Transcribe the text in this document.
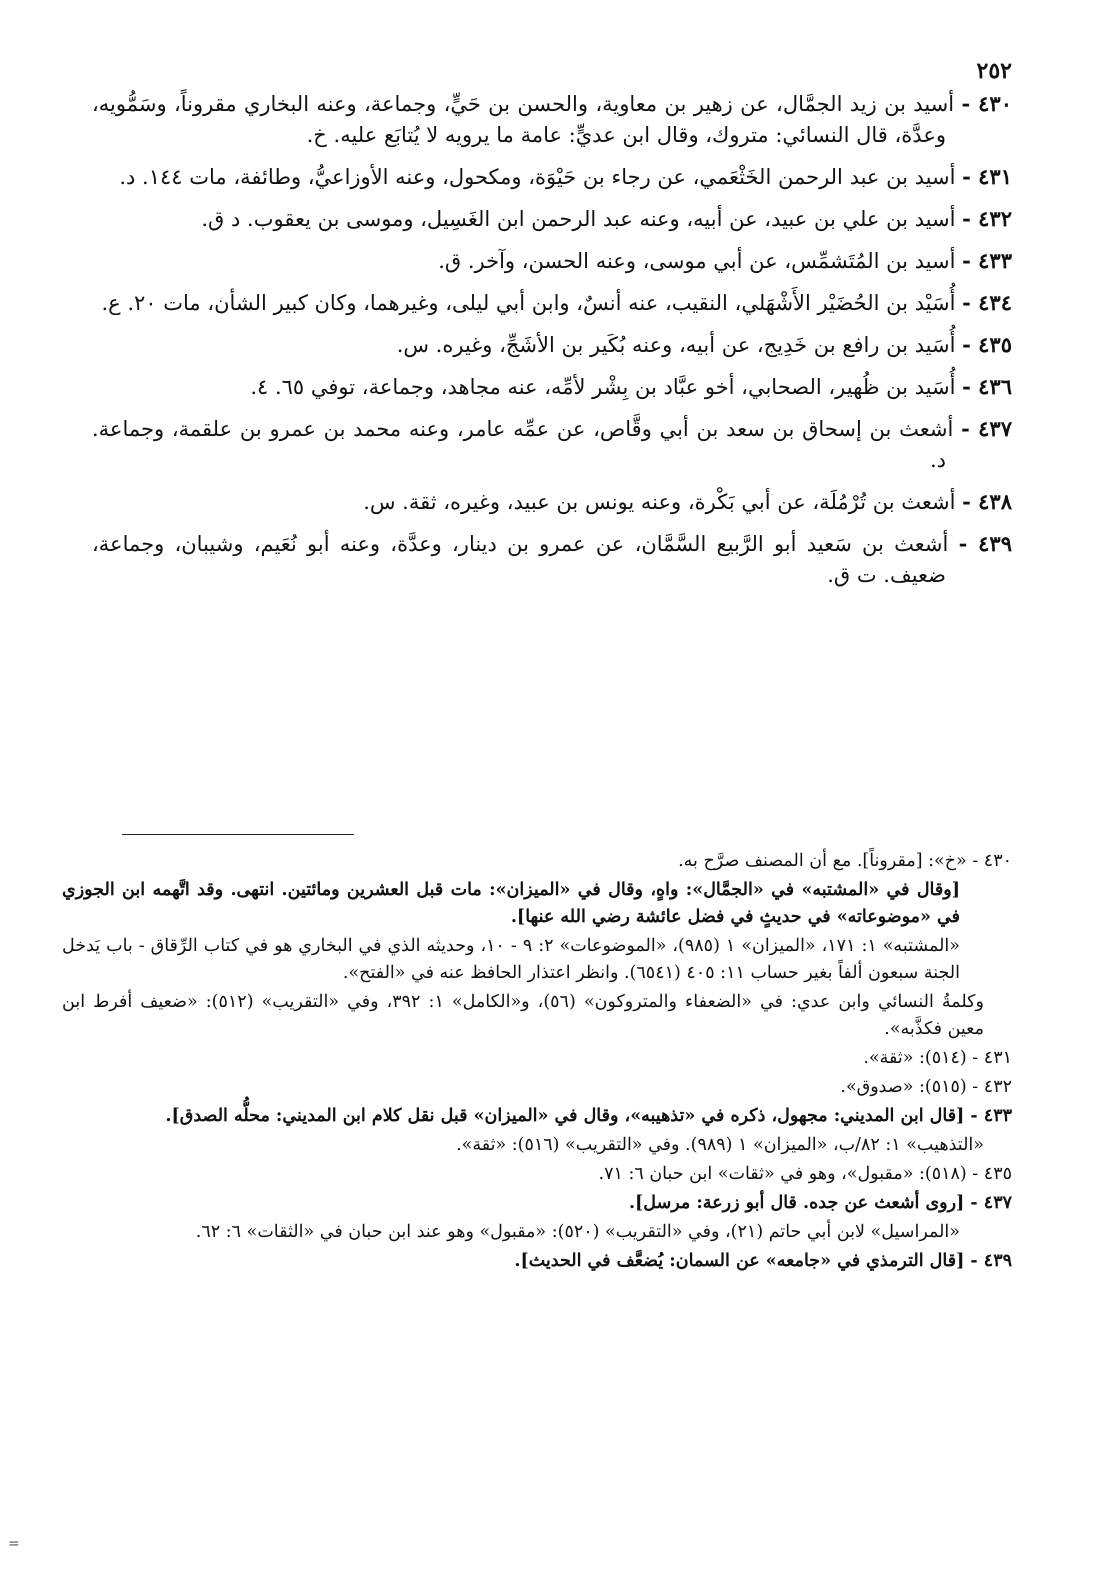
٢٥٢

٤٣٠ - أسيد بن زيد الجمَّال، عن زهير بن معاوية، والحسن بن حَيٍّ، وجماعة، وعنه البخاري مقروناً، وسَمُّويه، وعدَّة، قال النسائي: متروك، وقال ابن عديٍّ: عامة ما يرويه لا يُتابَع عليه. خ.

٤٣١ - أسيد بن عبد الرحمن الخَثْعَمي، عن رجاء بن حَيْوَة، ومكحول، وعنه الأوزاعيُّ، وطائفة، مات ١٤٤. د.

٤٣٢ - أسيد بن علي بن عبيد، عن أبيه، وعنه عبد الرحمن ابن الغَسِيل، وموسى بن يعقوب. د ق.

٤٣٣ - أسيد بن المُتَشمِّس، عن أبي موسى، وعنه الحسن، وآخر. ق.

٤٣٤ - أُسَيْد بن الحُضَيْر الأَشْهَلي، النقيب، عنه أنسٌ، وابن أبي ليلى، وغيرهما، وكان كبير الشأن، مات ٢٠. ع.

٤٣٥ - أُسَيد بن رافع بن خَدِيج، عن أبيه، وعنه بُكَير بن الأشَجِّ، وغيره. س.

٤٣٦ - أُسَيد بن ظُهير، الصحابي، أخو عبَّاد بن بِشْر لأمِّه، عنه مجاهد، وجماعة، توفي ٦٥. ٤.

٤٣٧ - أشعث بن إسحاق بن سعد بن أبي وقَّاص، عن عمِّه عامر، وعنه محمد بن عمرو بن علقمة، وجماعة. د.

٤٣٨ - أشعث بن تُرْمُلَة، عن أبي بَكْرة، وعنه يونس بن عبيد، وغيره، ثقة. س.

٤٣٩ - أشعث بن سَعيد أبو الرَّبيع السَّمَّان، عن عمرو بن دينار، وعدَّة، وعنه أبو نُعَيم، وشيبان، وجماعة، ضعيف. ت ق.

٤٣٠ - «خ»: [مقروناً]. مع أن المصنف صرَّح به.

[وقال في «المشتبه» في «الجمَّال»: واهٍ، وقال في «الميزان»: مات قبل العشرين ومائتين. انتهى. وقد اتَّهمه ابن الجوزي في «موضوعاته» في حديثٍ في فضل عائشة رضي الله عنها].

«المشتبه» ١: ١٧١، «الميزان» ١ (٩٨٥)، «الموضوعات» ٢: ٩ - ١٠، وحديثه الذي في البخاري هو في كتاب الرِّقاق - باب يَدخل الجنة سبعون ألفاً بغير حساب ١١: ٤٠٥ (٦٥٤١). وانظر اعتذار الحافظ عنه في «الفتح».

وكلمةُ النسائي وابن عدي: في «الضعفاء والمتروكون» (٥٦)، و«الكامل» ١: ٣٩٢، وفي «التقريب» (٥١٢): «ضعيف أفرط ابن معين فكذَّبه».

٤٣١ - (٥١٤): «ثقة».

٤٣٢ - (٥١٥): «صدوق».

٤٣٣ - [قال ابن المديني: مجهول، ذكره في «تذهيبه»، وقال في «الميزان» قبل نقل كلام ابن المديني: محلُّه الصدق].

«التذهيب» ١: ٨٢/ب، «الميزان» ١ (٩٨٩). وفي «التقريب» (٥١٦): «ثقة».

٤٣٥ - (٥١٨): «مقبول»، وهو في «ثقات» ابن حبان ٦: ٧١.

٤٣٧ - [روى أشعث عن جده. قال أبو زرعة: مرسل].

«المراسيل» لابن أبي حاتم (٢١)، وفي «التقريب» (٥٢٠): «مقبول» وهو عند ابن حبان في «الثقات» ٦: ٦٢.

٤٣٩ - [قال الترمذي في «جامعه» عن السمان: يُضعَّف في الحديث].

=
